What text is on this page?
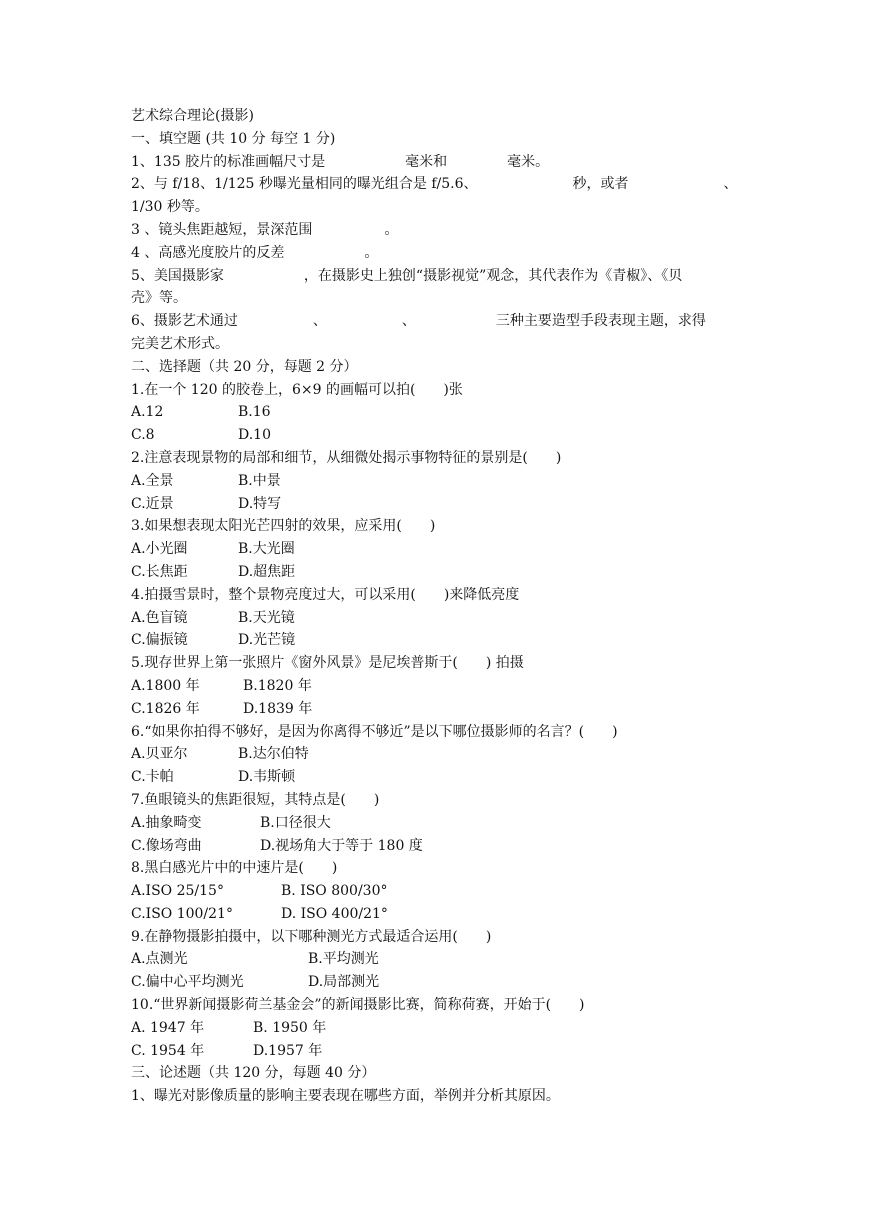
艺术综合理论(摄影)
一、填空题 (共 10 分 每空 1 分)
1、135 胶片的标准画幅尺寸是	毫米和	毫米。
2、与 f/18、1/125 秒曝光量相同的曝光组合是 f/5.6、	秒，或者	、
1/30 秒等。
3 、镜头焦距越短，景深范围	。
4 、高感光度胶片的反差	。
5、美国摄影家	，在摄影史上独创“摄影视觉”观念，其代表作为《青椒》、《贝
壳》等。
6、摄影艺术通过	、	、	三种主要造型手段表现主题，求得
完美艺术形式。
二、选择题（共 20 分，每题 2 分）
1.在一个 120 的胶卷上，6×9 的画幅可以拍(　　)张
A.12	B.16
C.8	D.10
2.注意表现景物的局部和细节，从细微处揭示事物特征的景别是(　　)
A.全景	B.中景
C.近景	D.特写
3.如果想表现太阳光芒四射的效果，应采用(　　)
A.小光圈	B.大光圈
C.长焦距	D.超焦距
4.拍摄雪景时，整个景物亮度过大，可以采用(　　)来降低亮度
A.色盲镜	B.天光镜
C.偏振镜	D.光芒镜
5.现存世界上第一张照片《窗外风景》是尼埃普斯于(　　) 拍摄
A.1800 年	B.1820 年
C.1826 年	D.1839 年
6.“如果你拍得不够好，是因为你离得不够近”是以下哪位摄影师的名言？(　　)
A.贝亚尔	B.达尔伯特
C.卡帕	D.韦斯顿
7.鱼眼镜头的焦距很短，其特点是(　　)
A.抽象畸变	B.口径很大
C.像场弯曲	D.视场角大于等于 180 度
8.黑白感光片中的中速片是(　　)
A.ISO 25/15°	B. ISO 800/30°
C.ISO 100/21°	D. ISO 400/21°
9.在静物摄影拍摄中，以下哪种测光方式最适合运用(　　)
A.点测光	B.平均测光
C.偏中心平均测光	D.局部测光
10.“世界新闻摄影荷兰基金会”的新闻摄影比赛，简称荷赛，开始于(　　)
A. 1947 年	B. 1950 年
C. 1954 年	D.1957 年
三、论述题（共 120 分，每题 40 分）
1、曝光对影像质量的影响主要表现在哪些方面，举例并分析其原因。
